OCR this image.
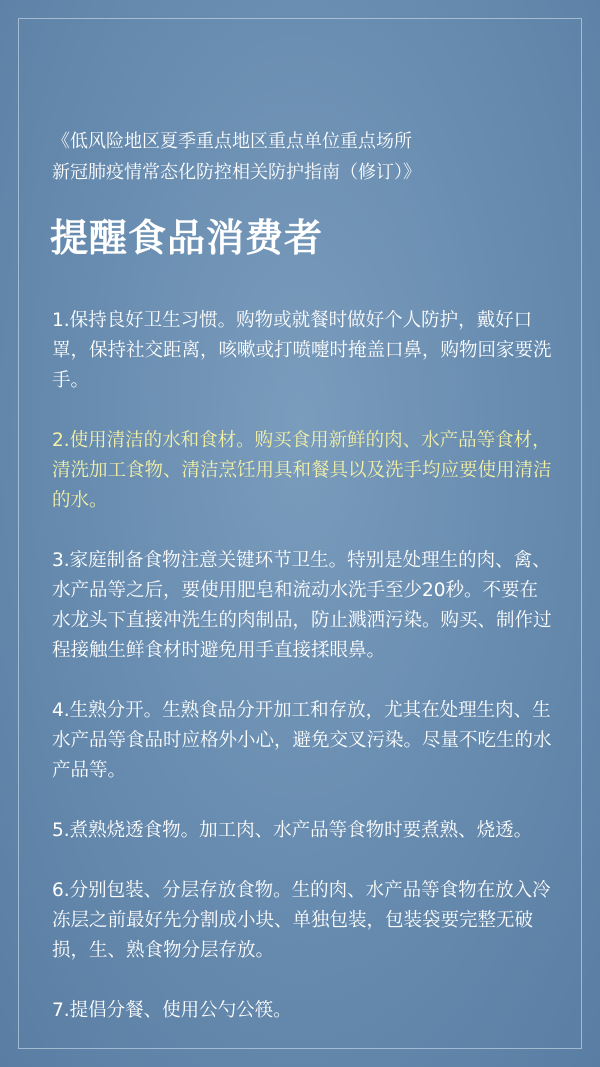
《低风险地区夏季重点地区重点单位重点场所
新冠肺疫情常态化防控相关防护指南（修订）》
提醒食品消费者
1.保持良好卫生习惯。购物或就餐时做好个人防护，戴好口罩，保持社交距离，咳嗽或打喷嚏时掩盖口鼻，购物回家要洗手。
2.使用清洁的水和食材。购买食用新鲜的肉、水产品等食材，清洗加工食物、清洁烹饪用具和餐具以及洗手均应要使用清洁的水。
3.家庭制备食物注意关键环节卫生。特别是处理生的肉、禽、水产品等之后，要使用肥皂和流动水洗手至少20秒。不要在水龙头下直接冲洗生的肉制品，防止溅洒污染。购买、制作过程接触生鲜食材时避免用手直接揉眼鼻。
4.生熟分开。生熟食品分开加工和存放，尤其在处理生肉、生水产品等食品时应格外小心，避免交叉污染。尽量不吃生的水产品等。
5.煮熟烧透食物。加工肉、水产品等食物时要煮熟、烧透。
6.分别包装、分层存放食物。生的肉、水产品等食物在放入冷冻层之前最好先分割成小块、单独包装，包装袋要完整无破损，生、熟食物分层存放。
7.提倡分餐、使用公勺公筷。
